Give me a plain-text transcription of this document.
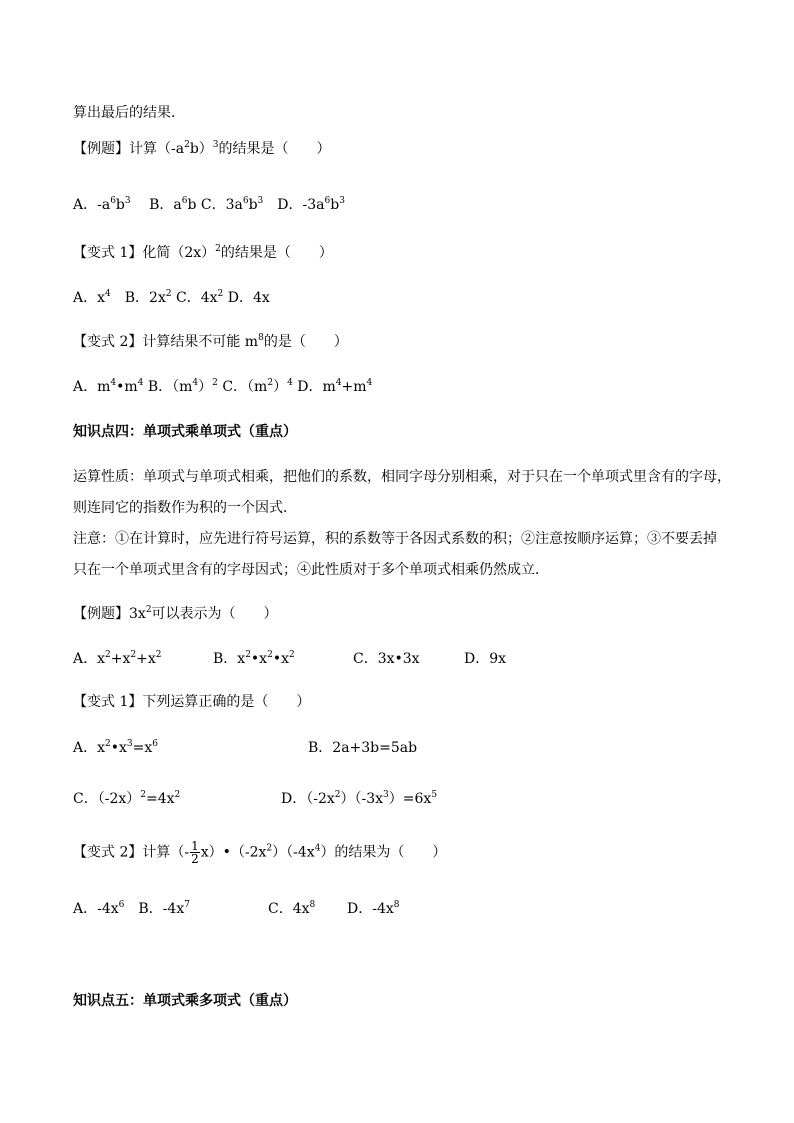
算出最后的结果．
【例题】计算$(-a^2b)^3$的结果是（　　）
A．$-a^6b^3$　 B．$a^6b$ C．$3a^6b^3$　D．$-3a^6b^3$
【变式 1】化简$(2x)^2$的结果是（　　）
A．$x^4$　B．$2x^2$ C．$4x^2$ D．4x
【变式 2】计算结果不可能 $m^8$的是（　　）
A．$m^4•m^4$ B．$(m^4)^2$ C．$(m^2)^4$ D．$m^4+m^4$
知识点四：单项式乘单项式（重点）
运算性质：单项式与单项式相乘，把他们的系数，相同字母分别相乘，对于只在一个单项式里含有的字母，
则连同它的指数作为积的一个因式．
注意：①在计算时，应先进行符号运算，积的系数等于各因式系数的积；②注意按顺序运算；③不要丢掉
只在一个单项式里含有的字母因式；④此性质对于多个单项式相乘仍然成立．
【例题】$3x^2$可以表示为（　　）
A．$x^2+x^2+x^2$	B．$x^2•x^2•x^2$	C．3x•3x	D．9x
【变式 1】下列运算正确的是（　　）
A．$x^2•x^3=x^6$	B．2a+3b=5ab
C．$(-2x)^2=4x^2$	D．$(-2x^2)(-3x^3)=6x^5$
【变式 2】计算（- $\frac{1}{2}$ $x)•(-2x^2)(-4x^4)$的结果为（　　）
A．$-4x^6$　B．$-4x^7$	C．$4x^8$ D．$-4x^8$
知识点五：单项式乘多项式（重点）
